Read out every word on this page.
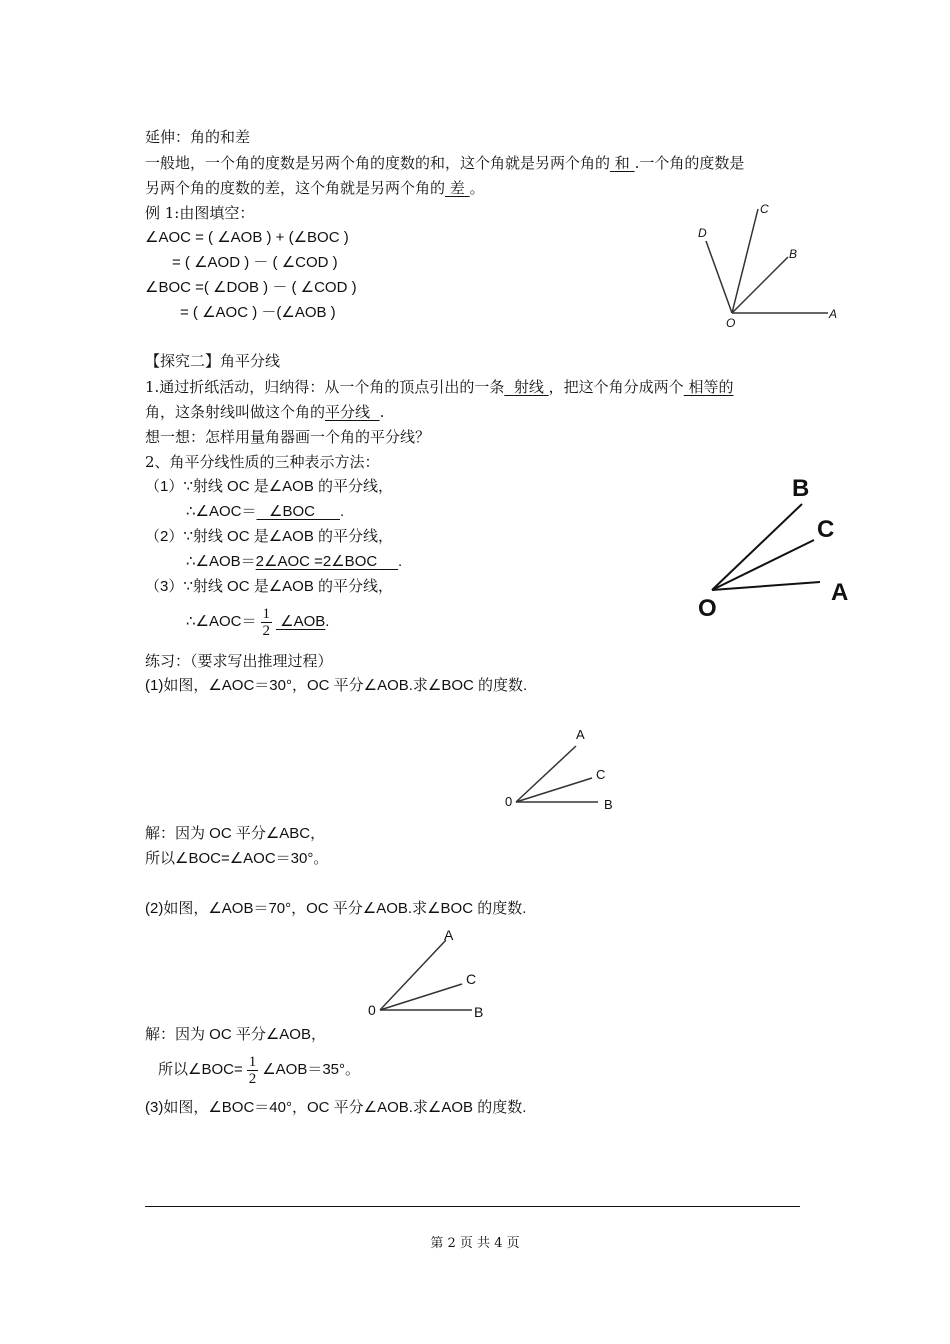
延伸：角的和差
一般地，一个角的度数是另两个角的度数的和，这个角就是另两个角的 和 .一个角的度数是
另两个角的度数的差，这个角就是另两个角的 差 。
例 1:由图填空：
∠AOC = ( ∠AOB ) + (∠BOC )
= ( ∠AOD ) － ( ∠COD )
∠BOC =( ∠DOB ) － ( ∠COD )
= ( ∠AOC ) －(∠AOB )
D
C
B
O
A
【探究二】角平分线
1.通过折纸活动，归纳得：从一个角的顶点引出的一条 射线 ，把这个角分成两个 相等的
角，这条射线叫做这个角的平分线 .
想一想：怎样用量角器画一个角的平分线？
2、角平分线性质的三种表示方法：
（1）∵射线 OC 是∠AOB 的平分线，
∴∠AOC＝ ∠BOC .
（2）∵射线 OC 是∠AOB 的平分线，
∴∠AOB＝2∠AOC =2∠BOC .
（3）∵射线 OC 是∠AOB 的平分线，
∴∠AOC＝ $\frac{1}{2}$ ∠AOB.
B
C
O
A
练习：（要求写出推理过程）
(1)如图，∠AOC＝30°，OC 平分∠AOB.求∠BOC 的度数.
A
C
0	B
解：因为 OC 平分∠ABC，
所以∠BOC=∠AOC＝30°。
(2)如图，∠AOB＝70°，OC 平分∠AOB.求∠BOC 的度数.
A
C
0	B
解：因为 OC 平分∠AOB，
所以∠BOC= $\frac{1}{2}$ ∠AOB＝35°。
(3)如图，∠BOC＝40°，OC 平分∠AOB.求∠AOB 的度数.
第 2 页 共 4 页
